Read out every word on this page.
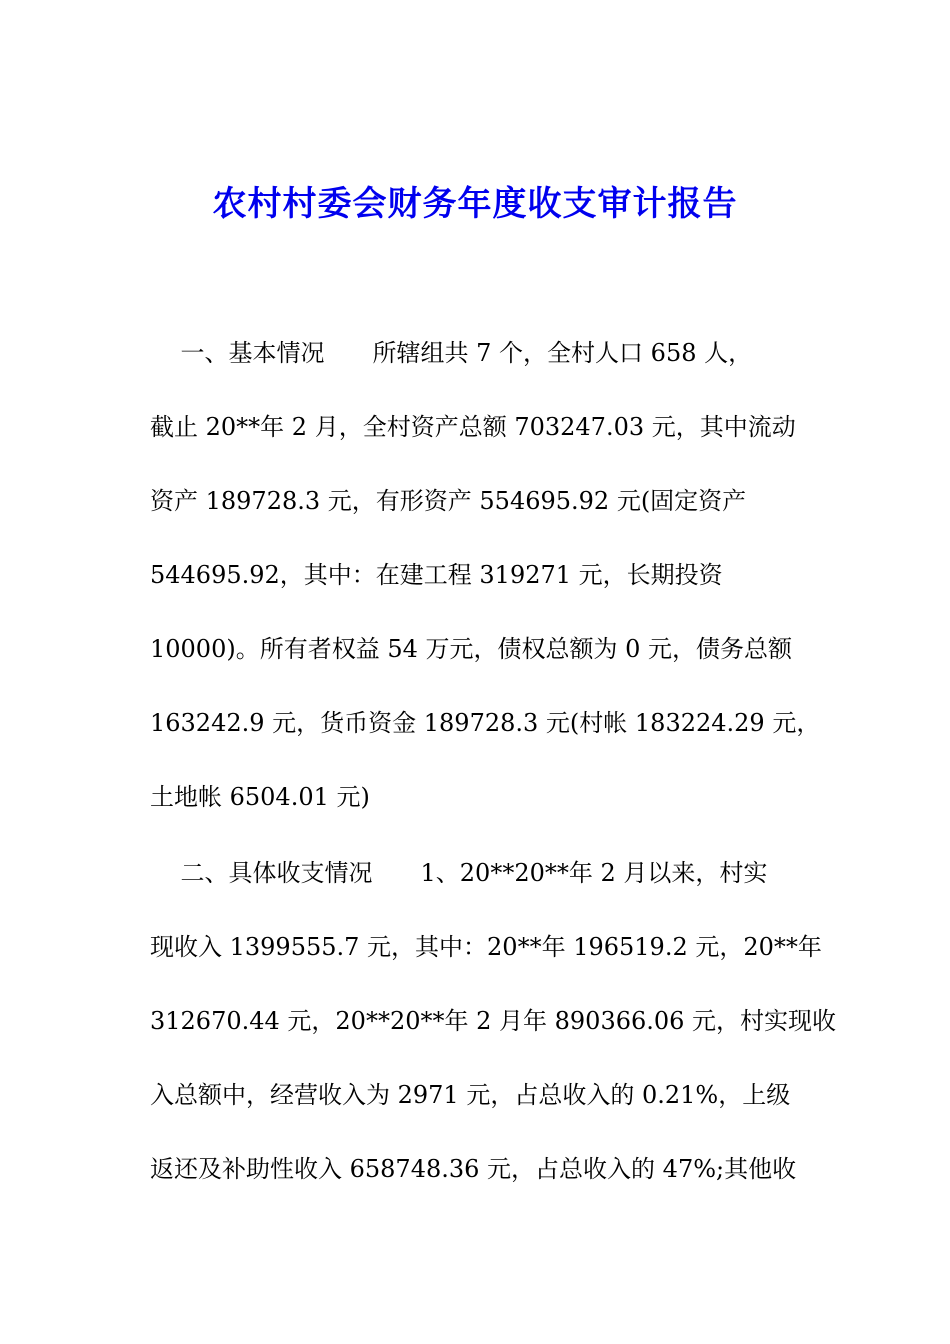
农村村委会财务年度收支审计报告
一、基本情况　　所辖组共 7 个，全村人口 658 人，
截止 20**年 2 月，全村资产总额 703247.03 元，其中流动
资产 189728.3 元，有形资产 554695.92 元(固定资产
544695.92，其中：在建工程 319271 元，长期投资
10000)。所有者权益 54 万元，债权总额为 0 元，债务总额
163242.9 元，货币资金 189728.3 元(村帐 183224.29 元，
土地帐 6504.01 元)
二、具体收支情况　　1、20**20**年 2 月以来，村实
现收入 1399555.7 元，其中：20**年 196519.2 元，20**年
312670.44 元，20**20**年 2 月年 890366.06 元，村实现收
入总额中，经营收入为 2971 元，占总收入的 0.21%，上级
返还及补助性收入 658748.36 元，占总收入的 47%;其他收
